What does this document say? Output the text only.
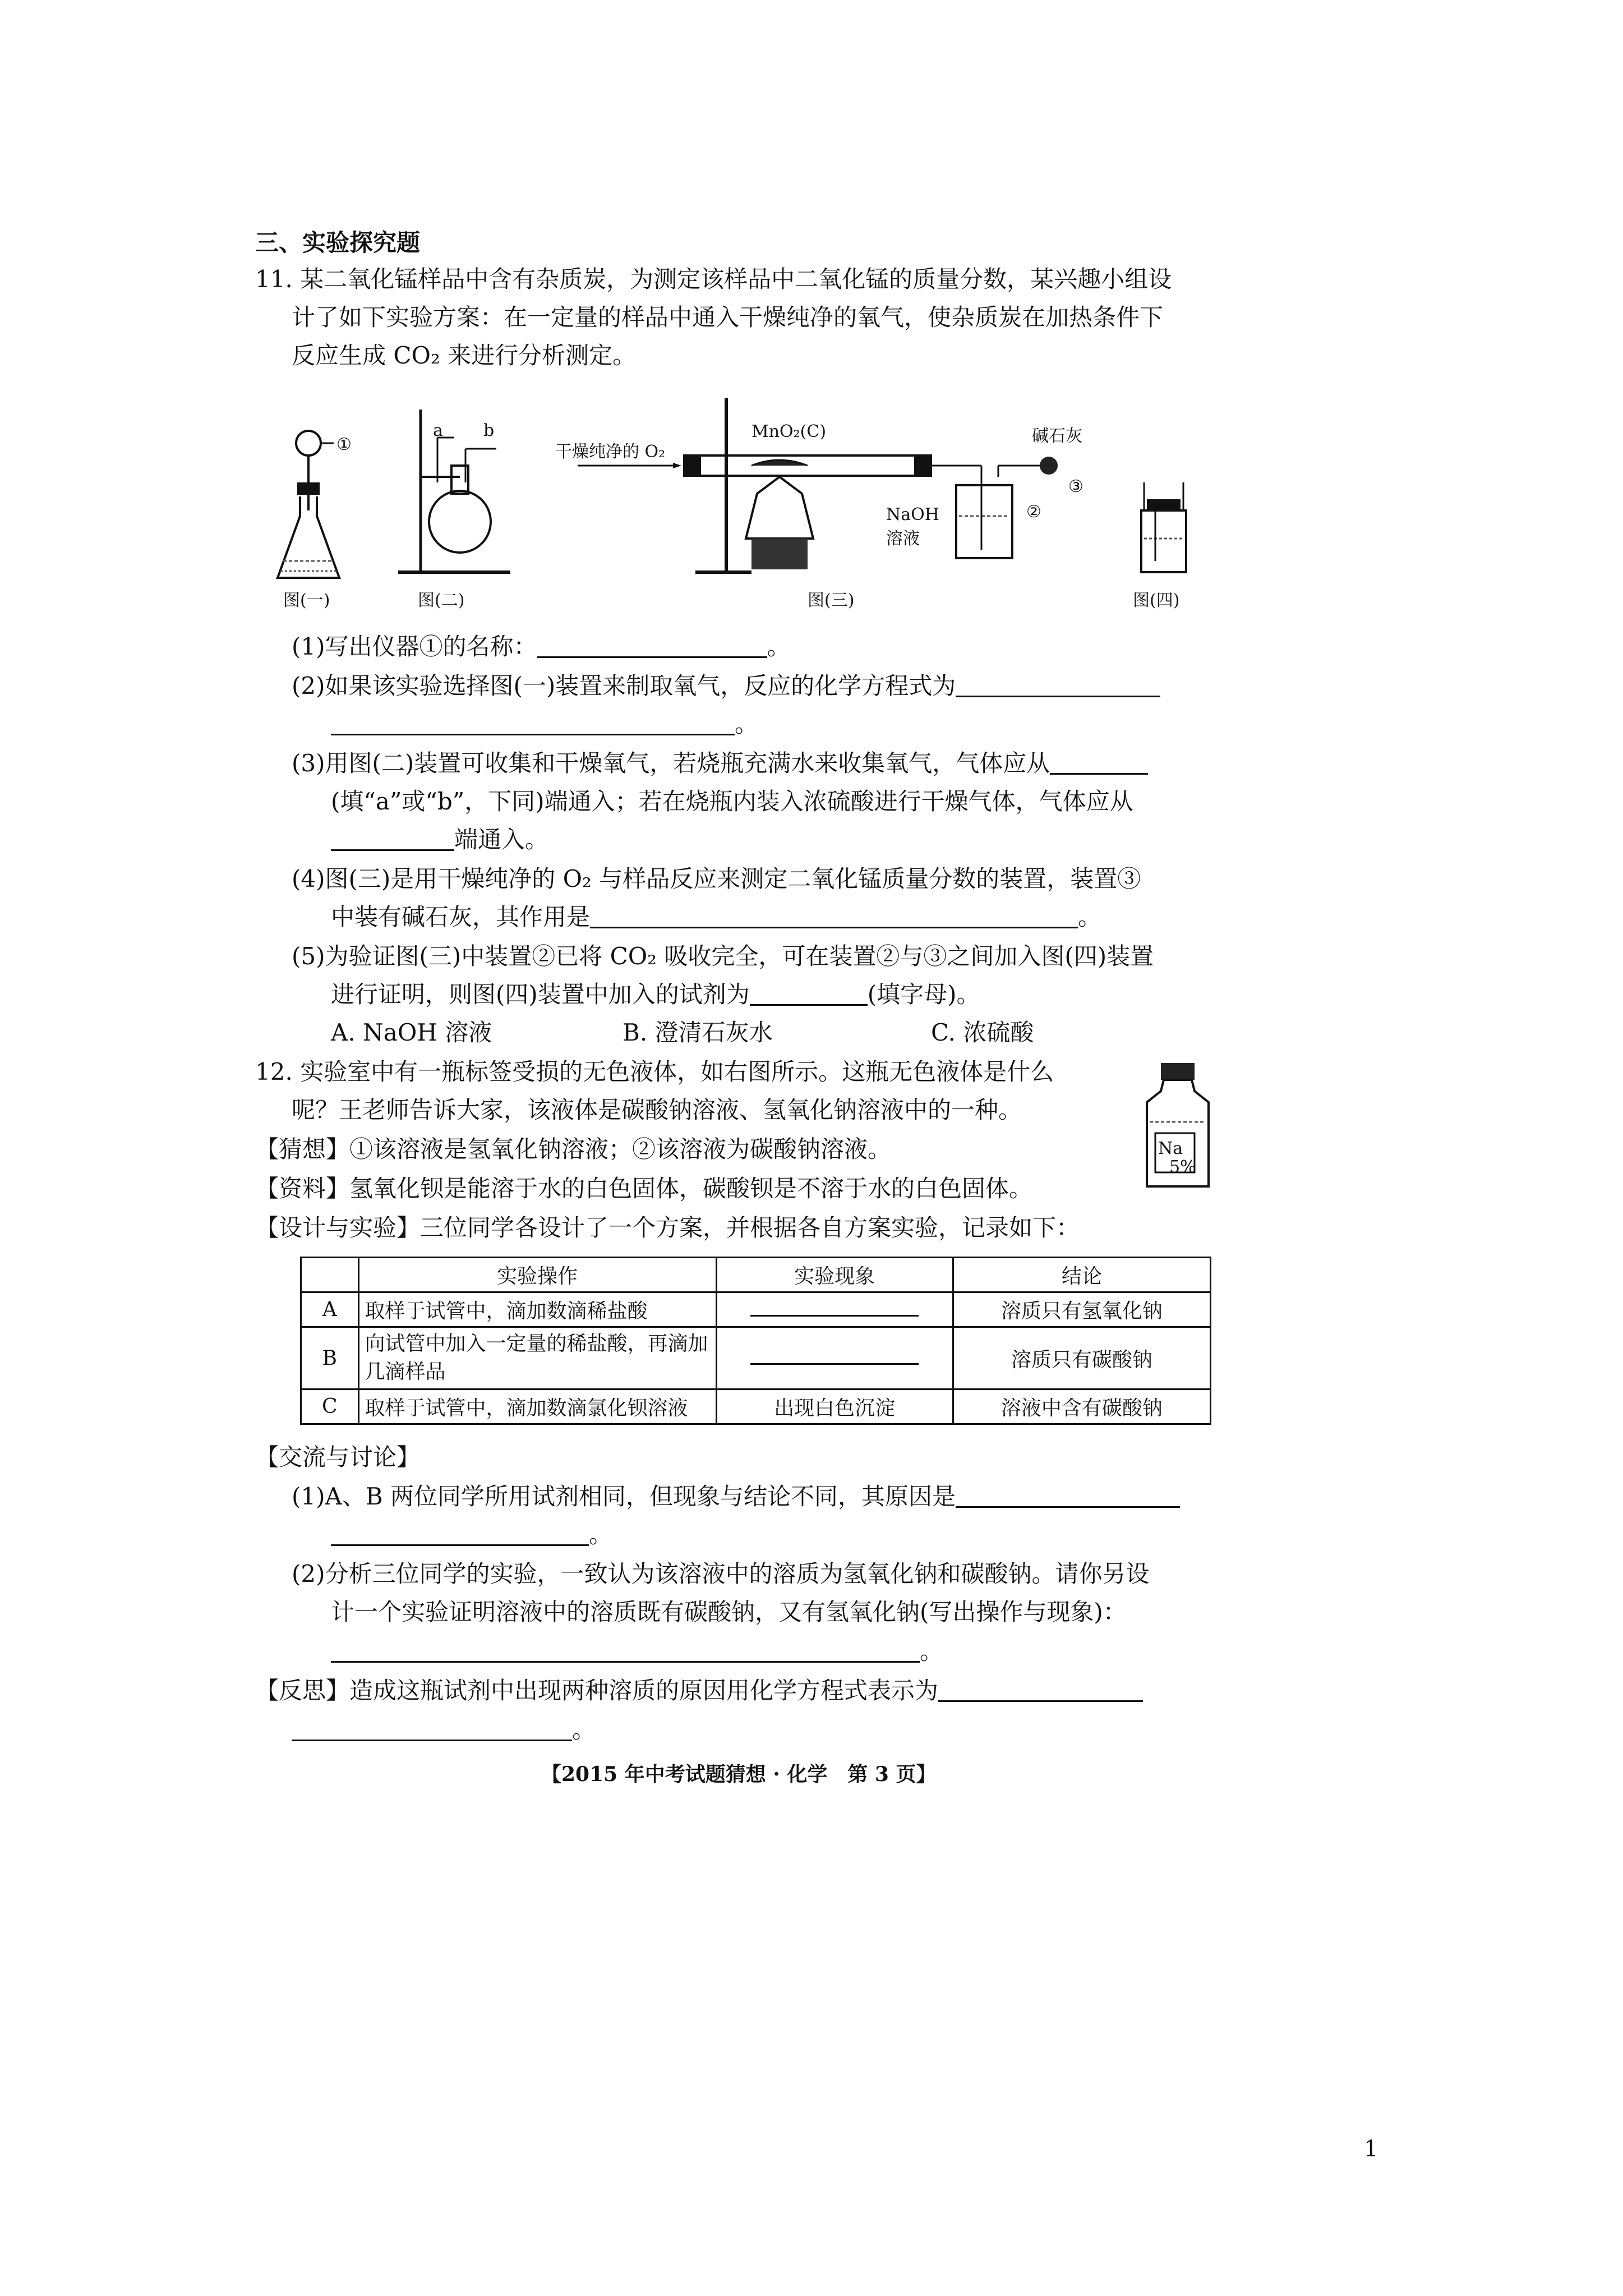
三、实验探究题
11. 某二氧化锰样品中含有杂质炭，为测定该样品中二氧化锰的质量分数，某兴趣小组设
计了如下实验方案：在一定量的样品中通入干燥纯净的氧气，使杂质炭在加热条件下
反应生成 CO₂ 来进行分析测定。
①
图(一)
a b
图(二)
干燥纯净的 O₂
MnO₂(C)	碱石灰
NaOH
溶液
②
③
图(三)	图(四)
(1)写出仪器①的名称：	。
(2)如果该实验选择图(一)装置来制取氧气，反应的化学方程式为
。
(3)用图(二)装置可收集和干燥氧气，若烧瓶充满水来收集氧气，气体应从
(填“a”或“b”，下同)端通入；若在烧瓶内装入浓硫酸进行干燥气体，气体应从
端通入。
(4)图(三)是用干燥纯净的 O₂ 与样品反应来测定二氧化锰质量分数的装置，装置③
中装有碱石灰，其作用是	。
(5)为验证图(三)中装置②已将 CO₂ 吸收完全，可在装置②与③之间加入图(四)装置
进行证明，则图(四)装置中加入的试剂为	(填字母)。
A. NaOH 溶液	B. 澄清石灰水	C. 浓硫酸
12. 实验室中有一瓶标签受损的无色液体，如右图所示。这瓶无色液体是什么
呢？王老师告诉大家，该液体是碳酸钠溶液、氢氧化钠溶液中的一种。
Na
5%
【猜想】①该溶液是氢氧化钠溶液；②该溶液为碳酸钠溶液。
【资料】氢氧化钡是能溶于水的白色固体，碳酸钡是不溶于水的白色固体。
【设计与实验】三位同学各设计了一个方案，并根据各自方案实验，记录如下：
	实验操作	实验现象	结论
A	取样于试管中，滴加数滴稀盐酸		溶质只有氢氧化钠
B	向试管中加入一定量的稀盐酸，再滴加几滴样品		溶质只有碳酸钠
C	取样于试管中，滴加数滴氯化钡溶液	出现白色沉淀	溶液中含有碳酸钠
【交流与讨论】
(1)A、B 两位同学所用试剂相同，但现象与结论不同，其原因是
。
(2)分析三位同学的实验，一致认为该溶液中的溶质为氢氧化钠和碳酸钠。请你另设
计一个实验证明溶液中的溶质既有碳酸钠，又有氢氧化钠(写出操作与现象)：
。
【反思】造成这瓶试剂中出现两种溶质的原因用化学方程式表示为
。
【2015 年中考试题猜想 · 化学　第 3 页】
1
